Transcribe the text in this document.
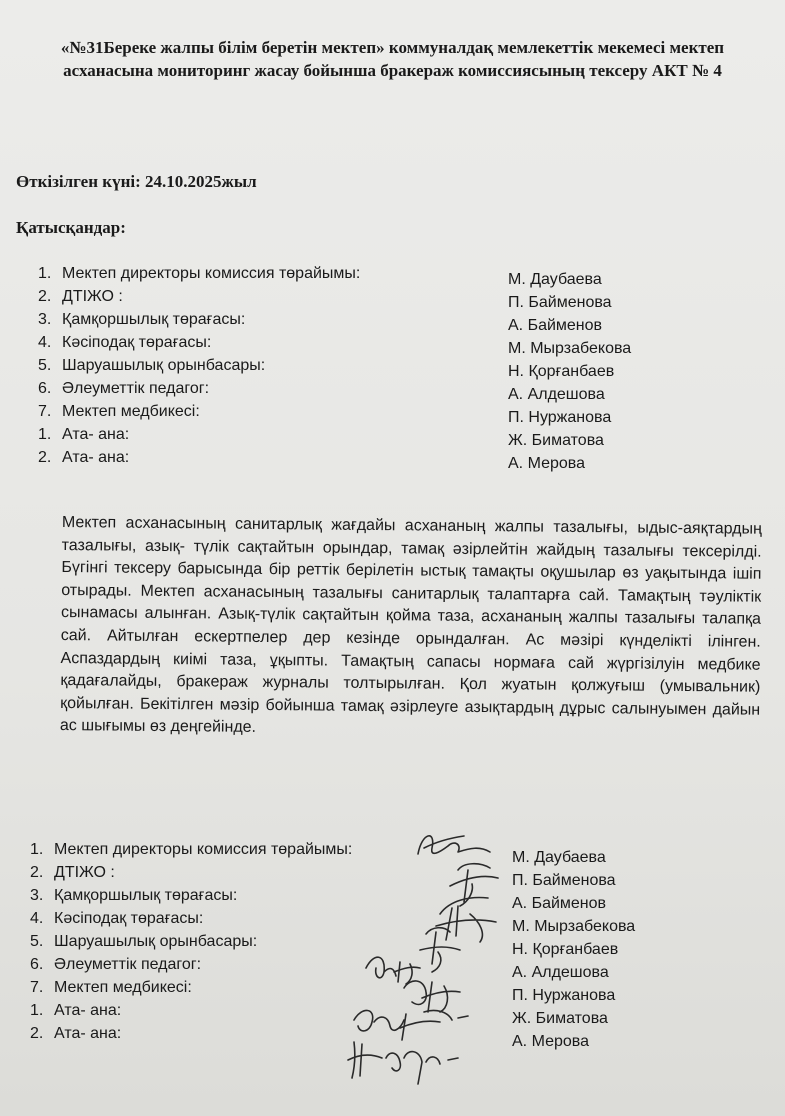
«№31Береке жалпы білім беретін мектеп» коммуналдақ мемлекеттік мекемесі мектеп асханасына мониторинг жасау бойынша бракераж комиссиясының тексеру АКТ № 4
Өткізілген күні: 24.10.2025жыл
Қатысқандар:
1. Мектеп директоры комиссия төрайымы:
2. ДТІЖО :
3. Қамқоршылық төрағасы:
4. Кәсіподақ төрағасы:
5. Шаруашылық орынбасары:
6. Әлеуметтік педагог:
7. Мектеп медбикесі:
1. Ата- ана:
2. Ата- ана:
М. Даубаева
П. Байменова
А. Байменов
М. Мырзабекова
Н. Қорғанбаев
А. Алдешова
П. Нуржанова
Ж. Биматова
А. Мерова
Мектеп асханасының санитарлық жағдайы асхананың жалпы тазалығы, ыдыс-аяқтардың тазалығы, азық- түлік сақтайтын орындар, тамақ әзірлейтін жайдың тазалығы тексерілді. Бүгінгі тексеру барысында бір реттік берілетін ыстық тамақты оқушылар өз уақытында ішіп отырады. Мектеп асханасының тазалығы санитарлық талаптарға сай. Тамақтың тәуліктік сынамасы алынған. Азық-түлік сақтайтын қойма таза, асхананың жалпы тазалығы талапқа сай. Айтылған ескертпелер дер кезінде орындалған. Ас мәзірі күнделікті ілінген. Аспаздардың киімі таза, ұқыпты. Тамақтың сапасы нормаға сай жүргізілуін медбике қадағалайды, бракераж журналы толтырылған. Қол жуатын қолжуғыш (умывальник) қойылған. Бекітілген мәзір бойынша тамақ әзірлеуге азықтардың дұрыс салынуымен дайын ас шығымы өз деңгейінде.
1. Мектеп директоры комиссия төрайымы:
2. ДТІЖО :
3. Қамқоршылық төрағасы:
4. Кәсіподақ төрағасы:
5. Шаруашылық орынбасары:
6. Әлеуметтік педагог:
7. Мектеп медбикесі:
1. Ата- ана:
2. Ата- ана:
М. Даубаева
П. Байменова
А. Байменов
М. Мырзабекова
Н. Қорғанбаев
А. Алдешова
П. Нуржанова
Ж. Биматова
А. Мерова
